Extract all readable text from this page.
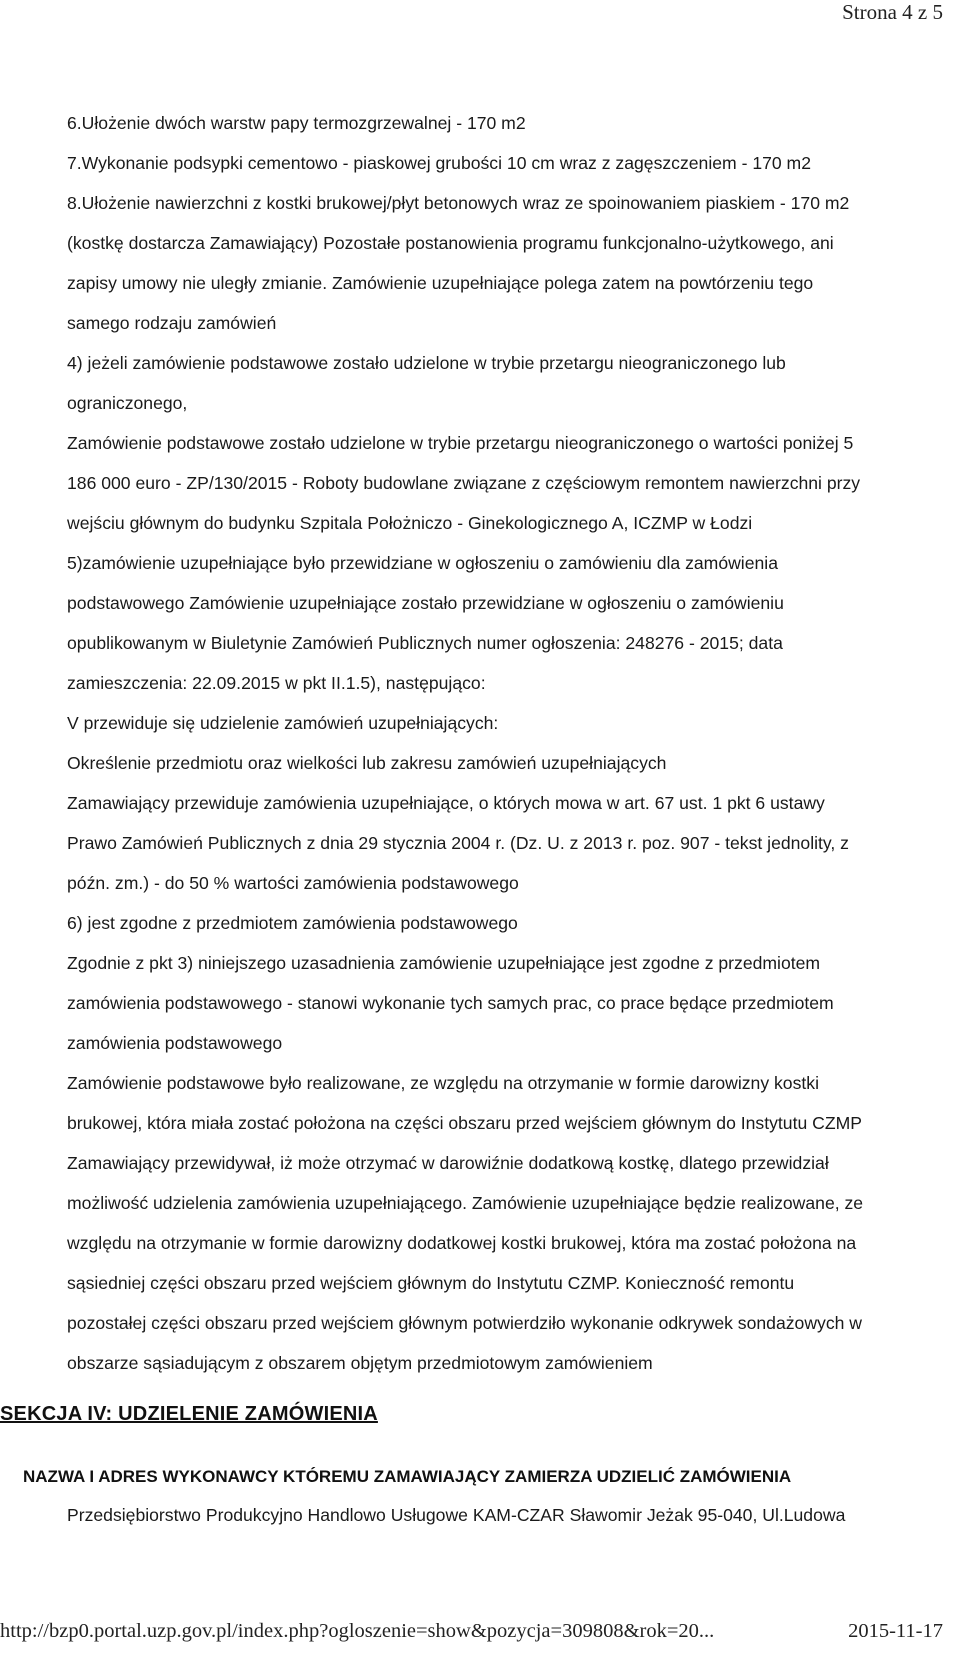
Strona 4 z 5
6.Ułożenie dwóch warstw papy termozgrzewalnej - 170 m2
7.Wykonanie podsypki cementowo - piaskowej grubości 10 cm wraz z zagęszczeniem - 170 m2
8.Ułożenie nawierzchni z kostki brukowej/płyt betonowych wraz ze spoinowaniem piaskiem - 170 m2
(kostkę dostarcza Zamawiający) Pozostałe postanowienia programu funkcjonalno-użytkowego, ani
zapisy umowy nie uległy zmianie. Zamówienie uzupełniające polega zatem na powtórzeniu tego
samego rodzaju zamówień
4) jeżeli zamówienie podstawowe zostało udzielone w trybie przetargu nieograniczonego lub
ograniczonego,
Zamówienie podstawowe zostało udzielone w trybie przetargu nieograniczonego o wartości poniżej 5
186 000 euro - ZP/130/2015 - Roboty budowlane związane z częściowym remontem nawierzchni przy
wejściu głównym do budynku Szpitala Położniczo - Ginekologicznego A, ICZMP w Łodzi
5)zamówienie uzupełniające było przewidziane w ogłoszeniu o zamówieniu dla zamówienia
podstawowego Zamówienie uzupełniające zostało przewidziane w ogłoszeniu o zamówieniu
opublikowanym w Biuletynie Zamówień Publicznych numer ogłoszenia: 248276 - 2015; data
zamieszczenia: 22.09.2015 w pkt II.1.5), następująco:
V przewiduje się udzielenie zamówień uzupełniających:
Określenie przedmiotu oraz wielkości lub zakresu zamówień uzupełniających
Zamawiający przewiduje zamówienia uzupełniające, o których mowa w art. 67 ust. 1 pkt 6 ustawy
Prawo Zamówień Publicznych z dnia 29 stycznia 2004 r. (Dz. U. z 2013 r. poz. 907 - tekst jednolity, z
późn. zm.) - do 50 % wartości zamówienia podstawowego
6) jest zgodne z przedmiotem zamówienia podstawowego
Zgodnie z pkt 3) niniejszego uzasadnienia zamówienie uzupełniające jest zgodne z przedmiotem
zamówienia podstawowego - stanowi wykonanie tych samych prac, co prace będące przedmiotem
zamówienia podstawowego
Zamówienie podstawowe było realizowane, ze względu na otrzymanie w formie darowizny kostki
brukowej, która miała zostać położona na części obszaru przed wejściem głównym do Instytutu CZMP
Zamawiający przewidywał, iż może otrzymać w darowiźnie dodatkową kostkę, dlatego przewidział
możliwość udzielenia zamówienia uzupełniającego. Zamówienie uzupełniające będzie realizowane, ze
względu na otrzymanie w formie darowizny dodatkowej kostki brukowej, która ma zostać położona na
sąsiedniej części obszaru przed wejściem głównym do Instytutu CZMP. Konieczność remontu
pozostałej części obszaru przed wejściem głównym potwierdziło wykonanie odkrywek sondażowych w
obszarze sąsiadującym z obszarem objętym przedmiotowym zamówieniem
SEKCJA IV: UDZIELENIE ZAMÓWIENIA
NAZWA I ADRES WYKONAWCY KTÓREMU ZAMAWIAJĄCY ZAMIERZA UDZIELIĆ ZAMÓWIENIA
Przedsiębiorstwo Produkcyjno Handlowo Usługowe KAM-CZAR Sławomir Jeżak 95-040, Ul.Ludowa
http://bzp0.portal.uzp.gov.pl/index.php?ogloszenie=show&pozycja=309808&rok=20...	2015-11-17
